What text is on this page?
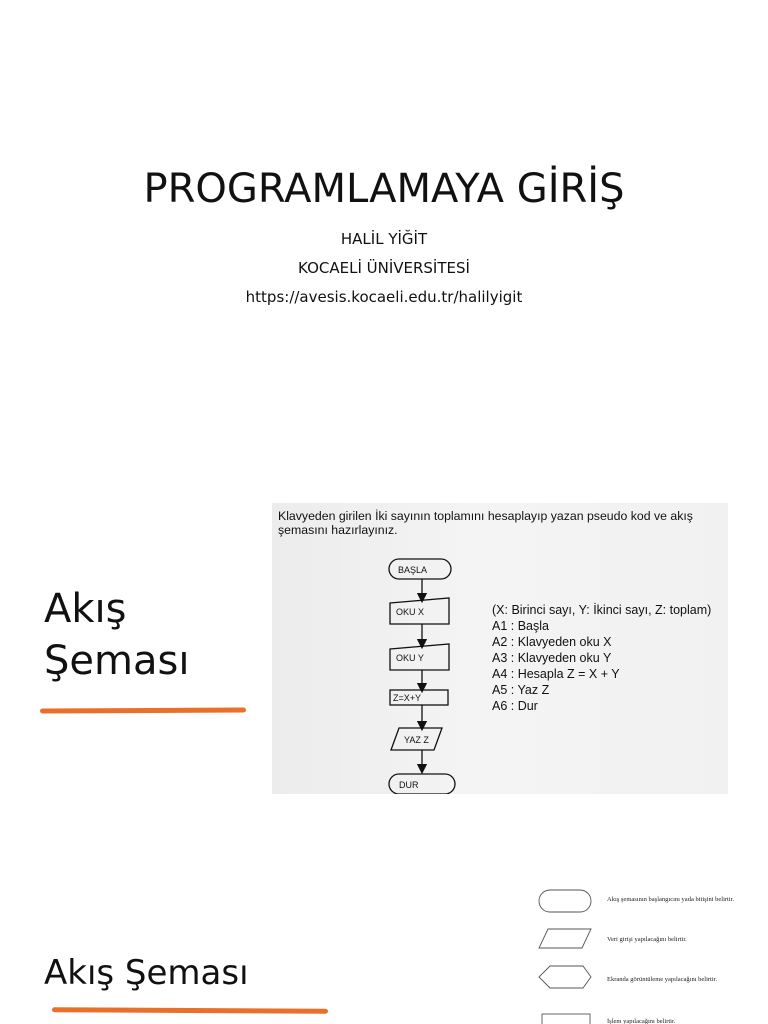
PROGRAMLAMAYA GİRİŞ
HALİL YİĞİT
KOCAELİ ÜNİVERSİTESİ
https://avesis.kocaeli.edu.tr/halilyigit
Akış Şeması
Klavyeden girilen İki sayının toplamını hesaplayıp yazan pseudo kod ve akış şemasını hazırlayınız.
BAŞLA
OKU X
OKU Y
Z=X+Y
YAZ Z
DUR
(X: Birinci sayı, Y: İkinci sayı, Z: toplam)
A1 : Başla
A2 : Klavyeden oku X
A3 : Klavyeden oku Y
A4 : Hesapla Z = X + Y
A5 : Yaz Z
A6 : Dur
Akış Şeması
Akış şemasının başlangıcını yada bitişini belirtir.
Veri girişi yapılacağını belirtir.
Ekranda görüntüleme yapılacağını belirtir.
İşlem yapılacağını belirtir.
